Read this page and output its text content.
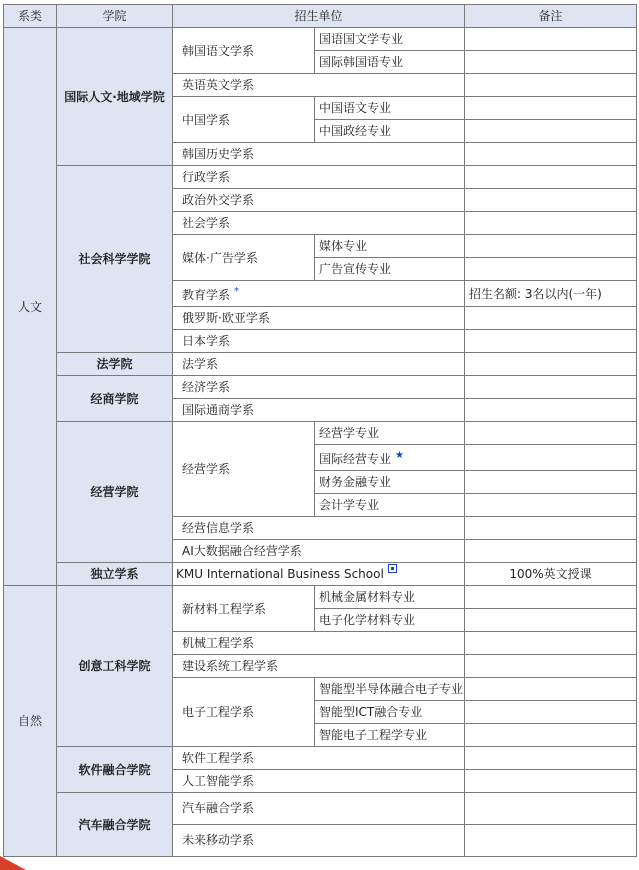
系类	学院	招生单位		备注
人文	国际人文·地域学院	韩国语文学系	国语国文学专业	
			国际韩国语专业	
		英语英文学系		
		中国学系	中国语文专业	
			中国政经专业	
		韩国历史学系		
	社会科学学院	行政学系		
		政治外交学系		
		社会学系		
		媒体·广告学系	媒体专业	
			广告宣传专业	
		教育学系 *		招生名额: 3名以内(一年)
		俄罗斯·欧亚学系		
		日本学系		
	法学院	法学系		
	经商学院	经济学系		
		国际通商学系		
	经营学院	经营学系	经营学专业	
			国际经营专业 ★	
			财务金融专业	
			会计学专业	
		经营信息学系		
		AI大数据融合经营学系		
	独立学系	KMU International Business School		100%英文授课
自然	创意工科学院	新材料工程学系	机械金属材料专业	
			电子化学材料专业	
		机械工程学系		
		建设系统工程学系		
		电子工程学系	智能型半导体融合电子专业	
			智能型ICT融合专业	
			智能电子工程学专业	
	软件融合学院	软件工程学系		
		人工智能学系		
	汽车融合学院	汽车融合学系		
		未来移动学系		
